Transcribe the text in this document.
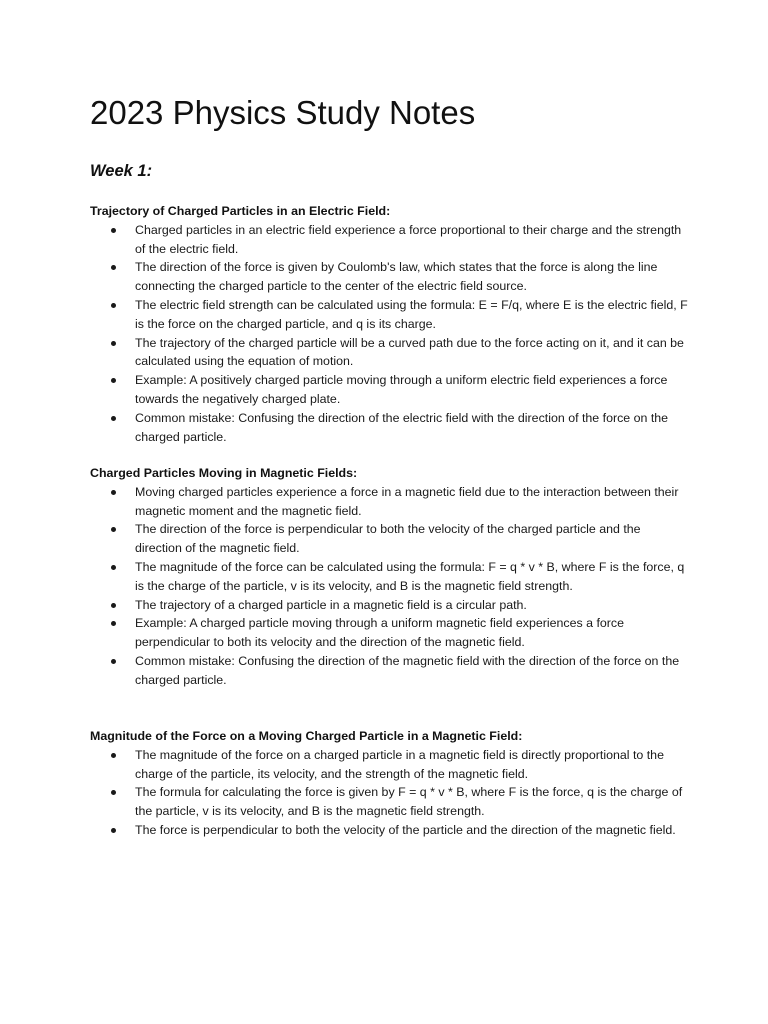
2023 Physics Study Notes
Week 1:
Trajectory of Charged Particles in an Electric Field:
Charged particles in an electric field experience a force proportional to their charge and the strength of the electric field.
The direction of the force is given by Coulomb's law, which states that the force is along the line connecting the charged particle to the center of the electric field source.
The electric field strength can be calculated using the formula: E = F/q, where E is the electric field, F is the force on the charged particle, and q is its charge.
The trajectory of the charged particle will be a curved path due to the force acting on it, and it can be calculated using the equation of motion.
Example: A positively charged particle moving through a uniform electric field experiences a force towards the negatively charged plate.
Common mistake: Confusing the direction of the electric field with the direction of the force on the charged particle.
Charged Particles Moving in Magnetic Fields:
Moving charged particles experience a force in a magnetic field due to the interaction between their magnetic moment and the magnetic field.
The direction of the force is perpendicular to both the velocity of the charged particle and the direction of the magnetic field.
The magnitude of the force can be calculated using the formula: F = q * v * B, where F is the force, q is the charge of the particle, v is its velocity, and B is the magnetic field strength.
The trajectory of a charged particle in a magnetic field is a circular path.
Example: A charged particle moving through a uniform magnetic field experiences a force perpendicular to both its velocity and the direction of the magnetic field.
Common mistake: Confusing the direction of the magnetic field with the direction of the force on the charged particle.
Magnitude of the Force on a Moving Charged Particle in a Magnetic Field:
The magnitude of the force on a charged particle in a magnetic field is directly proportional to the charge of the particle, its velocity, and the strength of the magnetic field.
The formula for calculating the force is given by F = q * v * B, where F is the force, q is the charge of the particle, v is its velocity, and B is the magnetic field strength.
The force is perpendicular to both the velocity of the particle and the direction of the magnetic field.
